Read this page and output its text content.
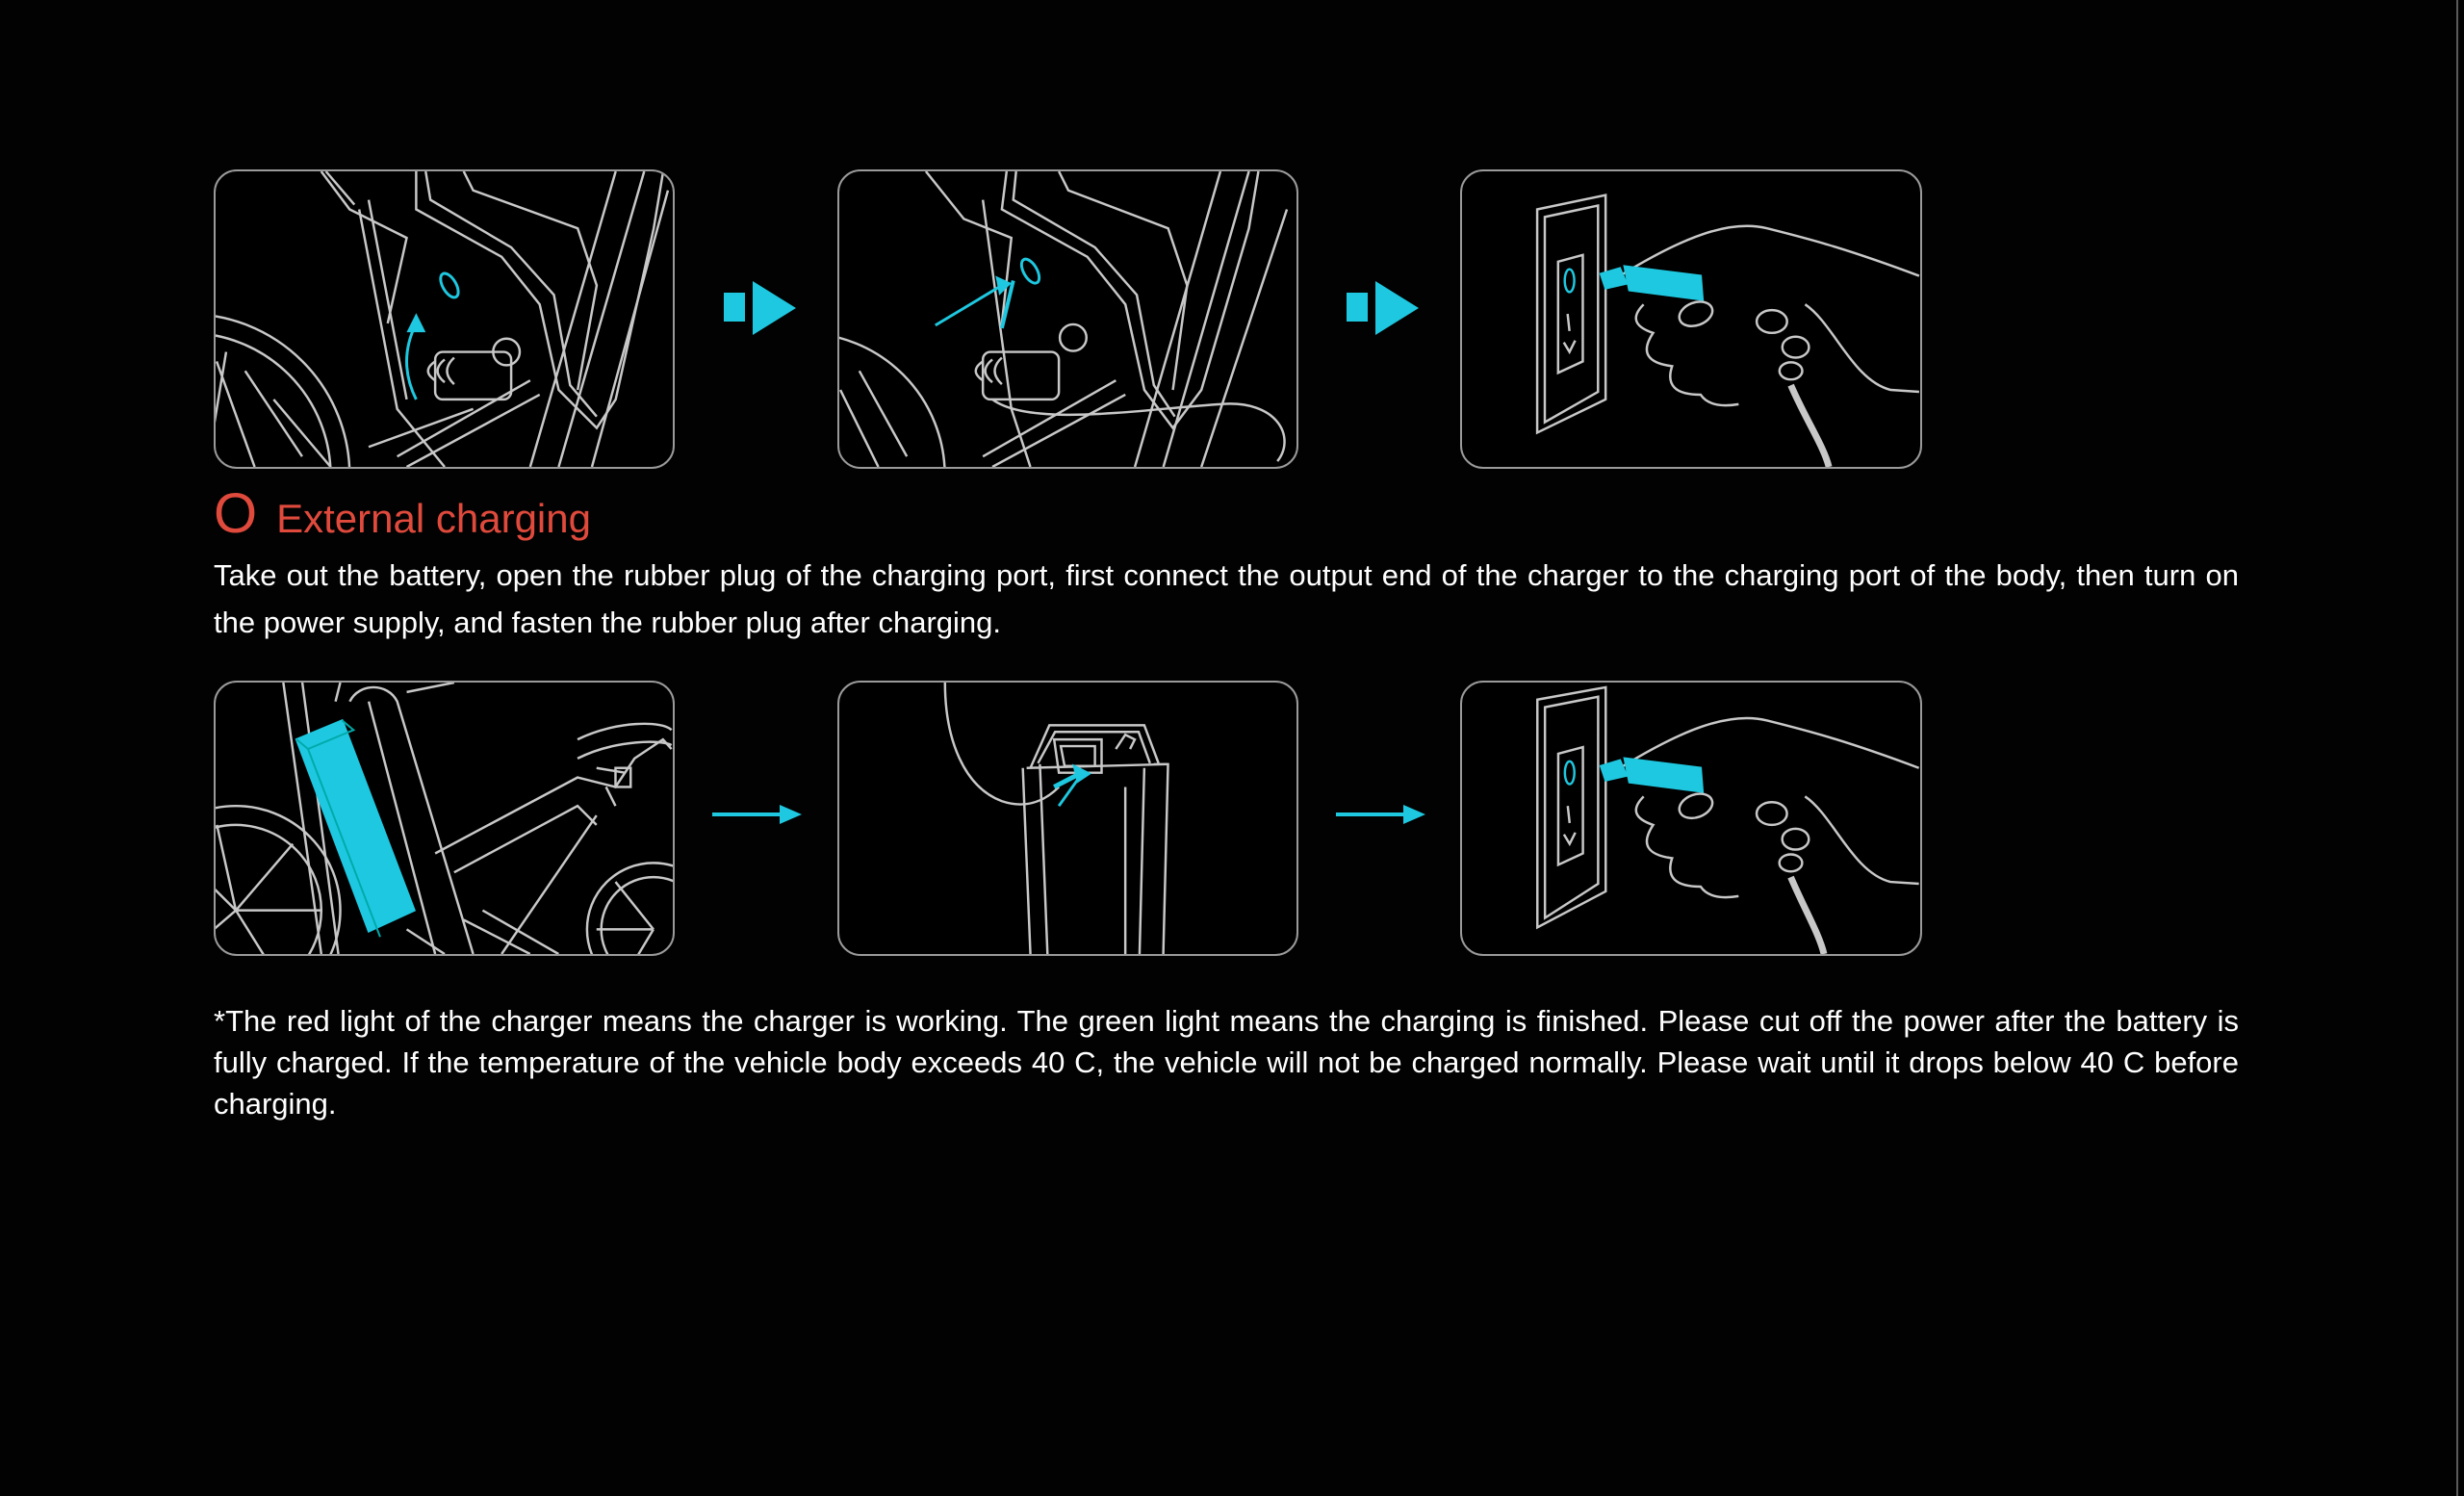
O External charging

Take out the battery, open the rubber plug of the charging port, first connect the output end of the charger to the charging port of the body, then turn on the power supply, and fasten the rubber plug after charging.

*The red light of the charger means the charger is working. The green light means the charging is finished. Please cut off the power after the battery is fully charged. If the temperature of the vehicle body exceeds 40 C, the vehicle will not be charged normally. Please wait until it drops below 40 C before charging.
